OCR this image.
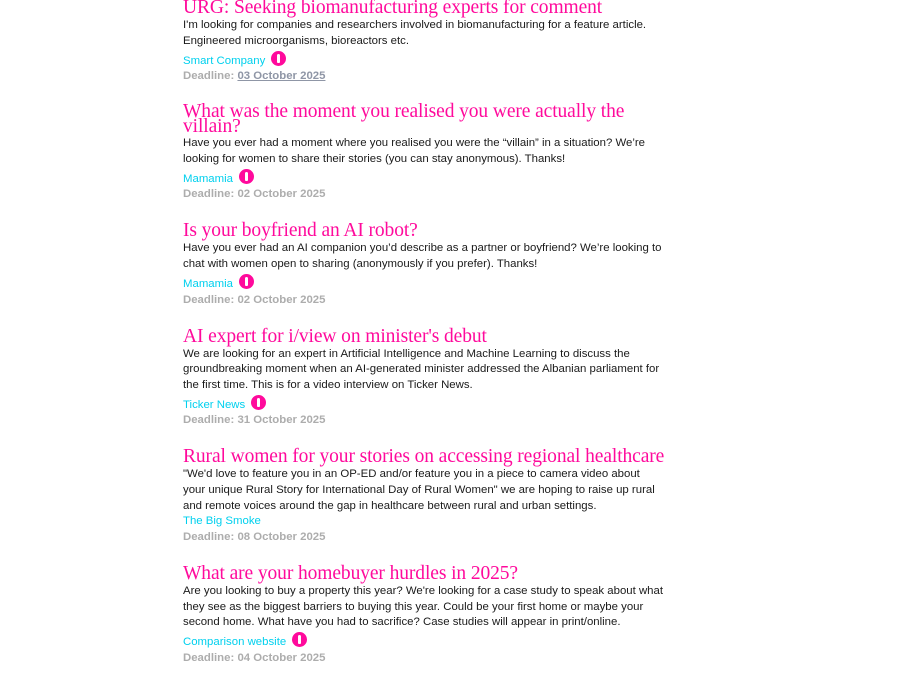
URG: Seeking biomanufacturing experts for comment

I'm looking for companies and researchers involved in biomanufacturing for a feature article. Engineered microorganisms, bioreactors etc.

Smart Company
Deadline: 03 October 2025
What was the moment you realised you were actually the villain?

Have you ever had a moment where you realised you were the “villain” in a situation? We’re looking for women to share their stories (you can stay anonymous). Thanks!

Mamamia
Deadline: 02 October 2025
Is your boyfriend an AI robot?

Have you ever had an AI companion you’d describe as a partner or boyfriend? We’re looking to chat with women open to sharing (anonymously if you prefer). Thanks!

Mamamia
Deadline: 02 October 2025
AI expert for i/view on minister's debut

We are looking for an expert in Artificial Intelligence and Machine Learning to discuss the groundbreaking moment when an AI-generated minister addressed the Albanian parliament for the first time. This is for a video interview on Ticker News.

Ticker News
Deadline: 31 October 2025
Rural women for your stories on accessing regional healthcare

"We'd love to feature you in an OP-ED and/or feature you in a piece to camera video about your unique Rural Story for International Day of Rural Women" we are hoping to raise up rural and remote voices around the gap in healthcare between rural and urban settings.

The Big Smoke
Deadline: 08 October 2025
What are your homebuyer hurdles in 2025?

Are you looking to buy a property this year? We're looking for a case study to speak about what they see as the biggest barriers to buying this year. Could be your first home or maybe your second home. What have you had to sacrifice? Case studies will appear in print/online.

Comparison website
Deadline: 04 October 2025
